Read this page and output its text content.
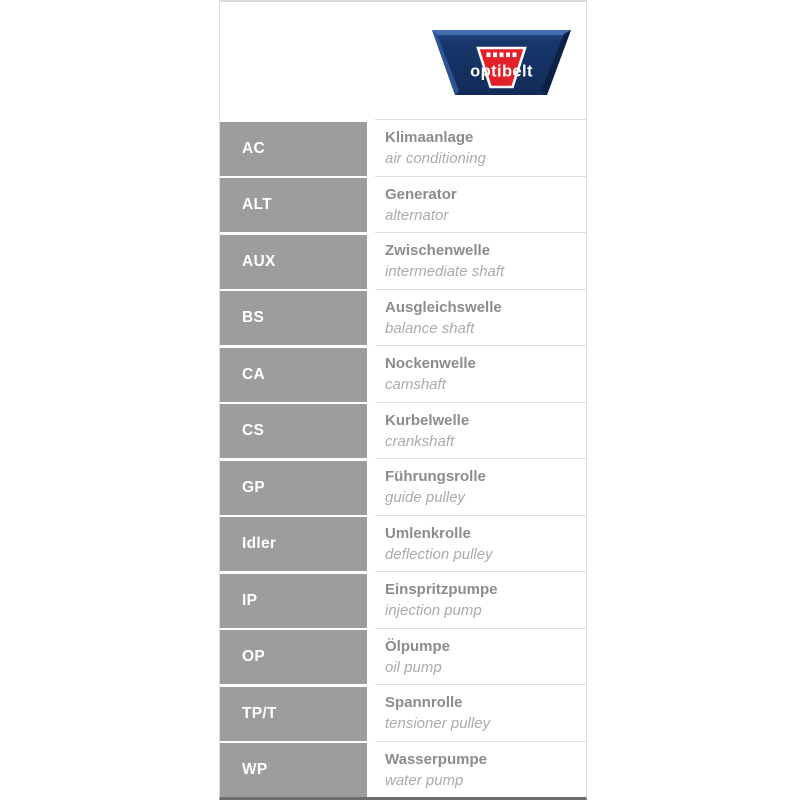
optibelt
AC
Klimaanlage
air conditioning
ALT
Generator
alternator
AUX
Zwischenwelle
intermediate shaft
BS
Ausgleichswelle
balance shaft
CA
Nockenwelle
camshaft
CS
Kurbelwelle
crankshaft
GP
Führungsrolle
guide pulley
Idler
Umlenkrolle
deflection pulley
IP
Einspritzpumpe
injection pump
OP
Ölpumpe
oil pump
TP/T
Spannrolle
tensioner pulley
WP
Wasserpumpe
water pump
